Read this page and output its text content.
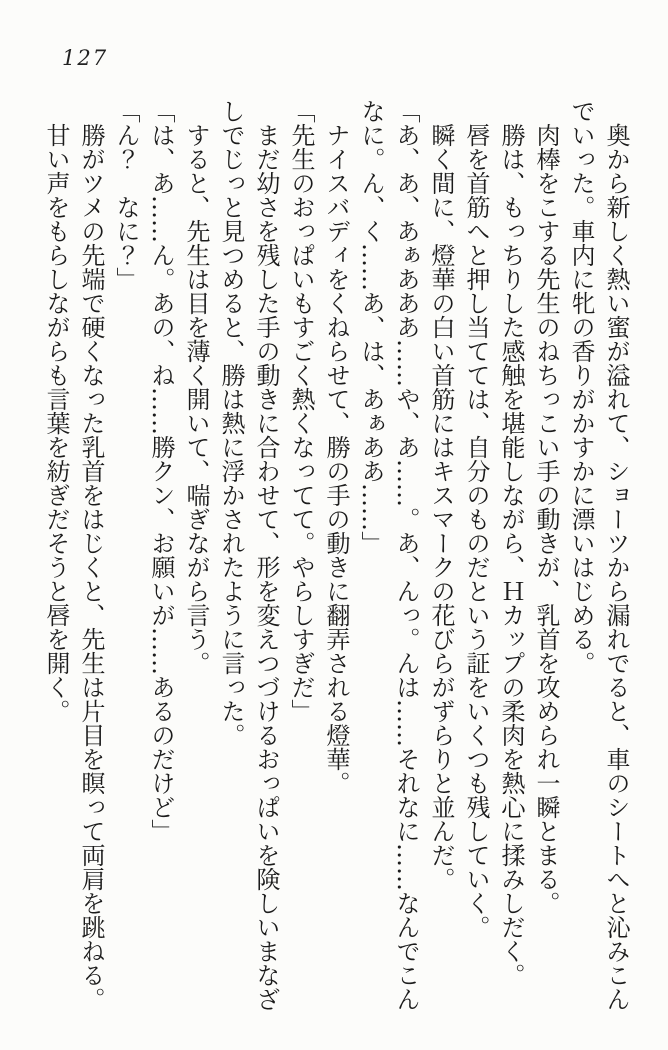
127

奥から新しく熱い蜜が溢れて、ショーツから漏れでると、車のシートへと沁みこん

でいった。車内に牝の香りがかすかに漂いはじめる。

肉棒をこする先生のねちっこい手の動きが、乳首を攻められ一瞬とまる。

勝は、もっちりした感触を堪能しながら、Ｈカップの柔肉を熱心に揉みしだく。

唇を首筋へと押し当てては、自分のものだという証をいくつも残していく。

瞬く間に、燈華の白い首筋にはキスマークの花びらがずらりと並んだ。

「あ、あ、あぁあああ……や、あ……。あ、んっ。んは……それなに……なんでこん

なに。ん、く……あ、は、あぁああ……」

ナイスバディをくねらせて、勝の手の動きに翻弄される燈華。

「先生のおっぱいもすごく熱くなってて。やらしすぎだ」

まだ幼さを残した手の動きに合わせて、形を変えつづけるおっぱいを険しいまなざ

しでじっと見つめると、勝は熱に浮かされたように言った。

すると、先生は目を薄く開いて、喘ぎながら言う。

「は、あ……ん。あの、ね……勝クン、お願いが……あるのだけど」

「ん？　なに？」

勝がツメの先端で硬くなった乳首をはじくと、先生は片目を瞑って両肩を跳ねる。

甘い声をもらしながらも言葉を紡ぎだそうと唇を開く。
